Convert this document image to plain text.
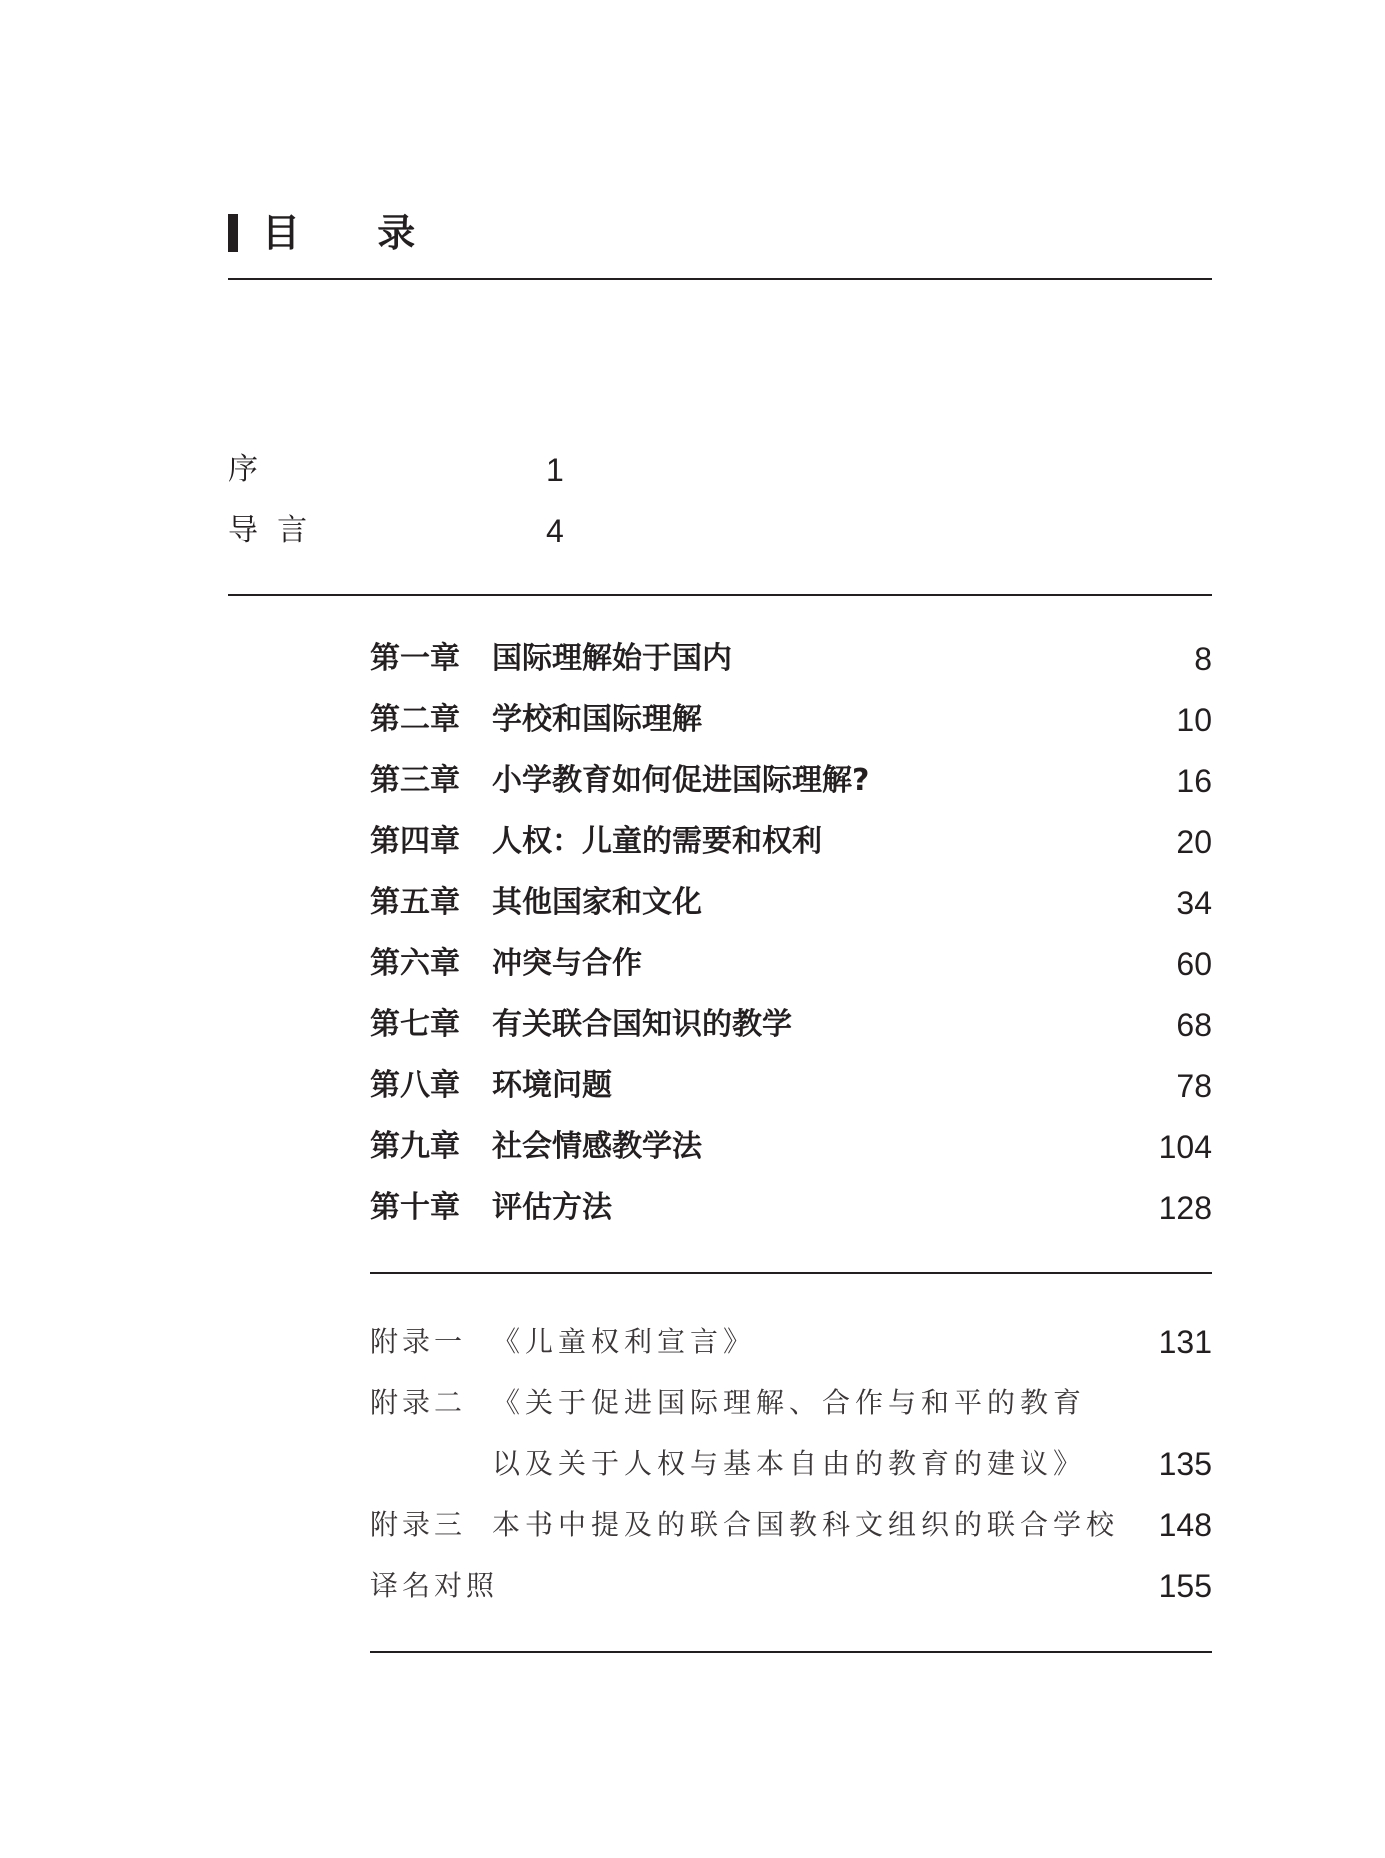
目 录
序	1
导  言	4
第一章 国际理解始于国内	8
第二章 学校和国际理解	10
第三章 小学教育如何促进国际理解?	16
第四章 人权：儿童的需要和权利	20
第五章 其他国家和文化	34
第六章 冲突与合作	60
第七章 有关联合国知识的教学	68
第八章 环境问题	78
第九章 社会情感教学法	104
第十章 评估方法	128
附录一 《儿童权利宣言》	131
附录二 《关于促进国际理解、合作与和平的教育
以及关于人权与基本自由的教育的建议》 135
附录三 本书中提及的联合国教科文组织的联合学校 148
译名对照	155
